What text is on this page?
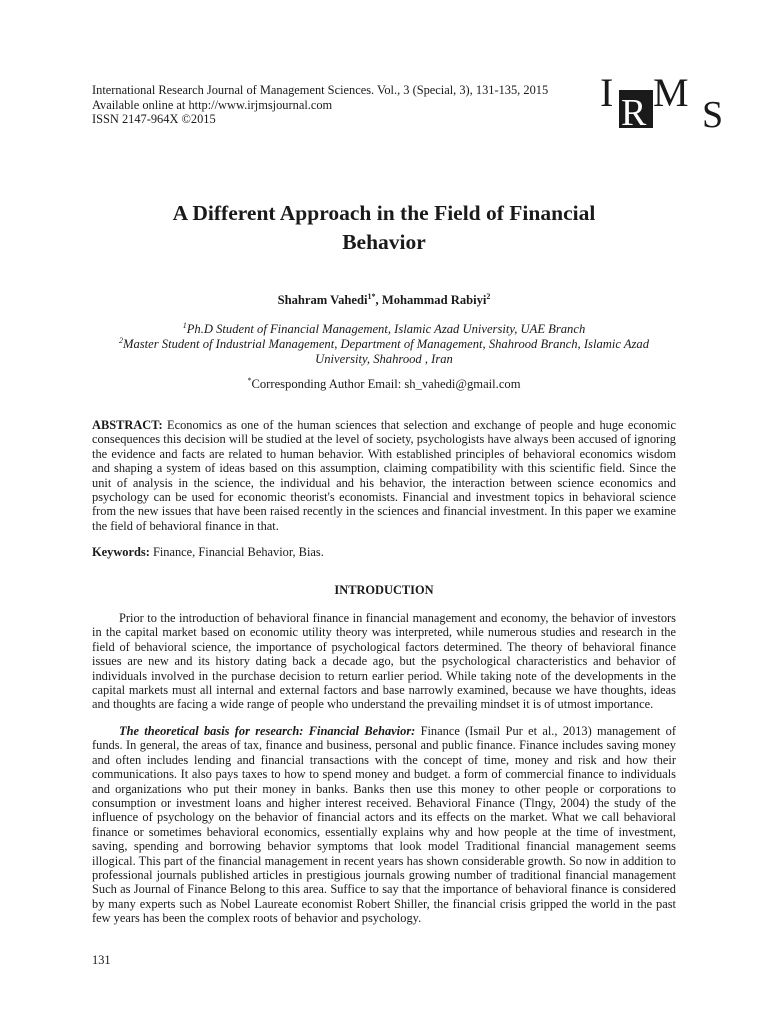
International Research Journal of Management Sciences. Vol., 3 (Special, 3), 131-135, 2015
Available online at http://www.irjmsjournal.com
ISSN 2147-964X ©2015
I R M S
A Different Approach in the Field of Financial
Behavior
Shahram Vahedi$^{1*}$, Mohammad Rabiyi$^2$
$^1$Ph.D Student of Financial Management, Islamic Azad University, UAE Branch
$^2$Master Student of Industrial Management, Department of Management, Shahrood Branch, Islamic Azad University, Shahrood , Iran
*Corresponding Author Email: sh_vahedi@gmail.com
ABSTRACT: Economics as one of the human sciences that selection and exchange of people and huge economic consequences this decision will be studied at the level of society, psychologists have always been accused of ignoring the evidence and facts are related to human behavior. With established principles of behavioral economics wisdom and shaping a system of ideas based on this assumption, claiming compatibility with this scientific field. Since the unit of analysis in the science, the individual and his behavior, the interaction between science economics and psychology can be used for economic theorist's economists. Financial and investment topics in behavioral science from the new issues that have been raised recently in the sciences and financial investment. In this paper we examine the field of behavioral finance in that.
Keywords: Finance, Financial Behavior, Bias.
INTRODUCTION
Prior to the introduction of behavioral finance in financial management and economy, the behavior of investors in the capital market based on economic utility theory was interpreted, while numerous studies and research in the field of behavioral science, the importance of psychological factors determined. The theory of behavioral finance issues are new and its history dating back a decade ago, but the psychological characteristics and behavior of individuals involved in the purchase decision to return earlier period. While taking note of the developments in the capital markets must all internal and external factors and base narrowly examined, because we have thoughts, ideas and thoughts are facing a wide range of people who understand the prevailing mindset it is of utmost importance.
The theoretical basis for research: Financial Behavior: Finance (Ismail Pur et al., 2013) management of funds. In general, the areas of tax, finance and business, personal and public finance. Finance includes saving money and often includes lending and financial transactions with the concept of time, money and risk and how their communications. It also pays taxes to how to spend money and budget. a form of commercial finance to individuals and organizations who put their money in banks. Banks then use this money to other people or corporations to consumption or investment loans and higher interest received. Behavioral Finance (Tlngy, 2004) the study of the influence of psychology on the behavior of financial actors and its effects on the market. What we call behavioral finance or sometimes behavioral economics, essentially explains why and how people at the time of investment, saving, spending and borrowing behavior symptoms that look model Traditional financial management seems illogical. This part of the financial management in recent years has shown considerable growth. So now in addition to professional journals published articles in prestigious journals growing number of traditional financial management Such as Journal of Finance Belong to this area. Suffice to say that the importance of behavioral finance is considered by many experts such as Nobel Laureate economist Robert Shiller, the financial crisis gripped the world in the past few years has been the complex roots of behavior and psychology.
131
